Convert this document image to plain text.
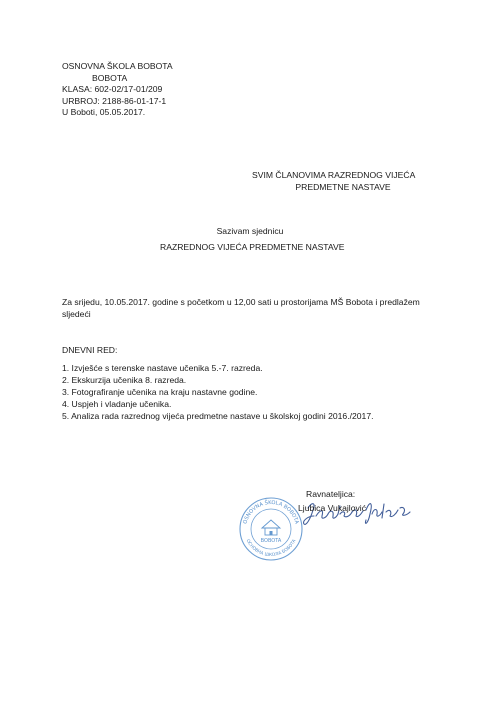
OSNOVNA ŠKOLA BOBOTA
BOBOTA
KLASA: 602-02/17-01/209
URBROJ: 2188-86-01-17-1
U Boboti, 05.05.2017.
SVIM ČLANOVIMA RAZREDNOG VIJEĆA
PREDMETNE NASTAVE
Sazivam sjednicu
RAZREDNOG VIJEĆA PREDMETNE NASTAVE
Za srijedu, 10.05.2017. godine s početkom u 12,00 sati u prostorijama MŠ Bobota i predlažem sljedeći
DNEVNI RED:
1. Izvješće s terenske nastave učenika 5.-7. razreda.
2. Ekskurzija učenika 8. razreda.
3. Fotografiranje učenika na kraju nastavne godine.
4. Uspjeh i vladanje učenika.
5. Analiza rada razrednog vijeća predmetne nastave u školskoj godini 2016./2017.
OSNOVNA ŠKOLA BOBOTA
ОСНОВНА ШКОЛА БОБОТА
BOBOTA
Ravnateljica:
Ljubica Vukajlović
